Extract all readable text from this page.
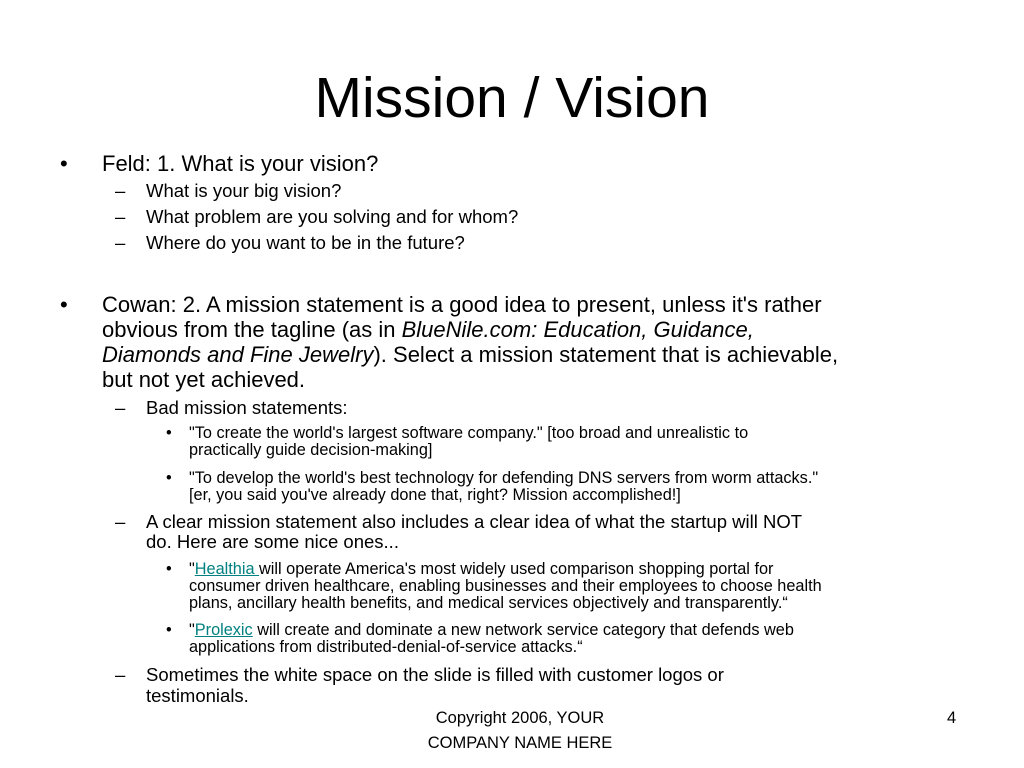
Mission / Vision
• Feld: 1. What is your vision?
– What is your big vision?
– What problem are you solving and for whom?
– Where do you want to be in the future?
• Cowan: 2. A mission statement is a good idea to present, unless it's rather
obvious from the tagline (as in BlueNile.com: Education, Guidance,
Diamonds and Fine Jewelry). Select a mission statement that is achievable,
but not yet achieved.
– Bad mission statements:
• "To create the world's largest software company." [too broad and unrealistic to
practically guide decision-making]
• "To develop the world's best technology for defending DNS servers from worm attacks."
[er, you said you've already done that, right? Mission accomplished!]
– A clear mission statement also includes a clear idea of what the startup will NOT
do. Here are some nice ones...
• "Healthia will operate America's most widely used comparison shopping portal for
consumer driven healthcare, enabling businesses and their employees to choose health
plans, ancillary health benefits, and medical services objectively and transparently.“
• "Prolexic will create and dominate a new network service category that defends web
applications from distributed-denial-of-service attacks.“
– Sometimes the white space on the slide is filled with customer logos or
testimonials.
Copyright 2006, YOUR
COMPANY NAME HERE
4
